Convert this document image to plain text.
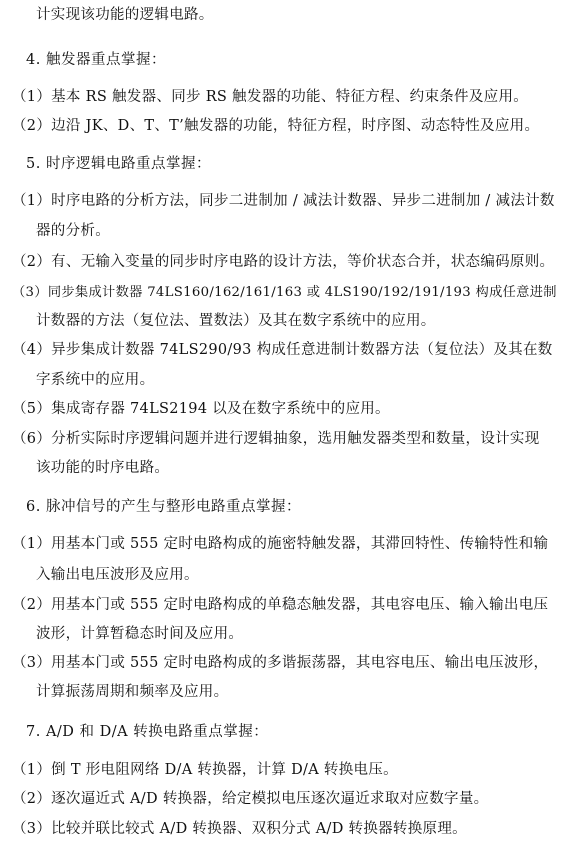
计实现该功能的逻辑电路。
4. 触发器重点掌握：
（1）基本 RS 触发器、同步 RS 触发器的功能、特征方程、约束条件及应用。
（2）边沿 JK、D、T、T’触发器的功能，特征方程，时序图、动态特性及应用。
5. 时序逻辑电路重点掌握：
（1）时序电路的分析方法，同步二进制加 / 减法计数器、异步二进制加 / 减法计数
器的分析。
（2）有、无输入变量的同步时序电路的设计方法，等价状态合并，状态编码原则。
（3）同步集成计数器 74LS160/162/161/163 或 4LS190/192/191/193 构成任意进制
计数器的方法（复位法、置数法）及其在数字系统中的应用。
（4）异步集成计数器 74LS290/93 构成任意进制计数器方法（复位法）及其在数
字系统中的应用。
（5）集成寄存器 74LS2194 以及在数字系统中的应用。
（6）分析实际时序逻辑问题并进行逻辑抽象，选用触发器类型和数量，设计实现
该功能的时序电路。
6. 脉冲信号的产生与整形电路重点掌握：
（1）用基本门或 555 定时电路构成的施密特触发器，其滞回特性、传输特性和输
入输出电压波形及应用。
（2）用基本门或 555 定时电路构成的单稳态触发器，其电容电压、输入输出电压
波形，计算暂稳态时间及应用。
（3）用基本门或 555 定时电路构成的多谐振荡器，其电容电压、输出电压波形，
计算振荡周期和频率及应用。
7. A/D 和 D/A 转换电路重点掌握：
（1）倒 T 形电阻网络 D/A 转换器，计算 D/A 转换电压。
（2）逐次逼近式 A/D 转换器，给定模拟电压逐次逼近求取对应数字量。
（3）比较并联比较式 A/D 转换器、双积分式 A/D 转换器转换原理。
